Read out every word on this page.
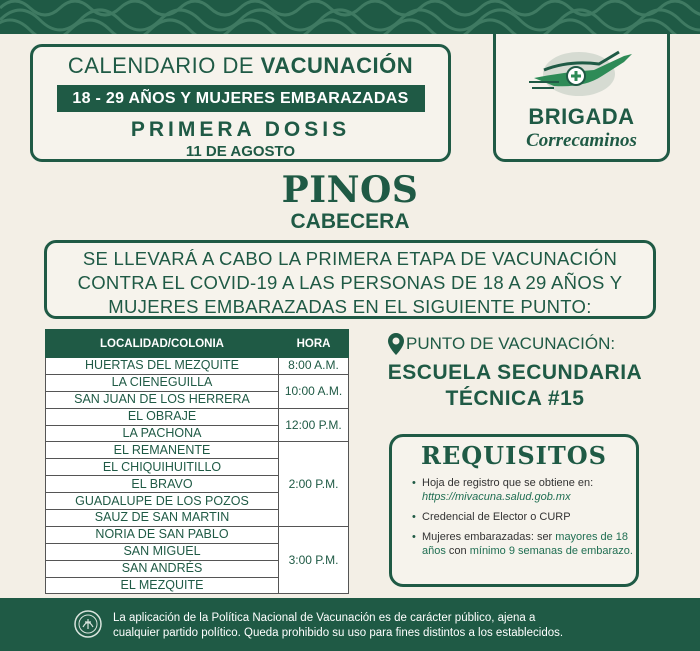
CALENDARIO DE VACUNACIÓN
18 - 29 AÑOS Y MUJERES EMBARAZADAS
PRIMERA DOSIS
11 DE AGOSTO
BRIGADA
Correcaminos
PINOS
CABECERA
SE LLEVARÁ A CABO LA PRIMERA ETAPA DE VACUNACIÓN
CONTRA EL COVID-19 A LAS PERSONAS DE 18 A 29 AÑOS Y
MUJERES EMBARAZADAS EN EL SIGUIENTE PUNTO:
LOCALIDAD/COLONIA	HORA
HUERTAS DEL MEZQUITE	8:00 A.M.
LA CIENEGUILLA	10:00 A.M.
SAN JUAN DE LOS HERRERA	
EL OBRAJE	12:00 P.M.
LA PACHONA	
EL REMANENTE	2:00 P.M.
EL CHIQUIHUITILLO	
EL BRAVO	
GUADALUPE DE LOS POZOS	
SAUZ DE SAN MARTIN	
NORIA DE SAN PABLO	3:00 P.M.
SAN MIGUEL	
SAN ANDRÉS	
EL MEZQUITE	
PUNTO DE VACUNACIÓN:
ESCUELA SECUNDARIA
TÉCNICA #15
REQUISITOS
• Hoja de registro que se obtiene en: https://mivacuna.salud.gob.mx
• Credencial de Elector o CURP
• Mujeres embarazadas: ser mayores de 18 años con mínimo 9 semanas de embarazo.
La aplicación de la Política Nacional de Vacunación es de carácter público, ajena a
cualquier partido político. Queda prohibido su uso para fines distintos a los establecidos.
